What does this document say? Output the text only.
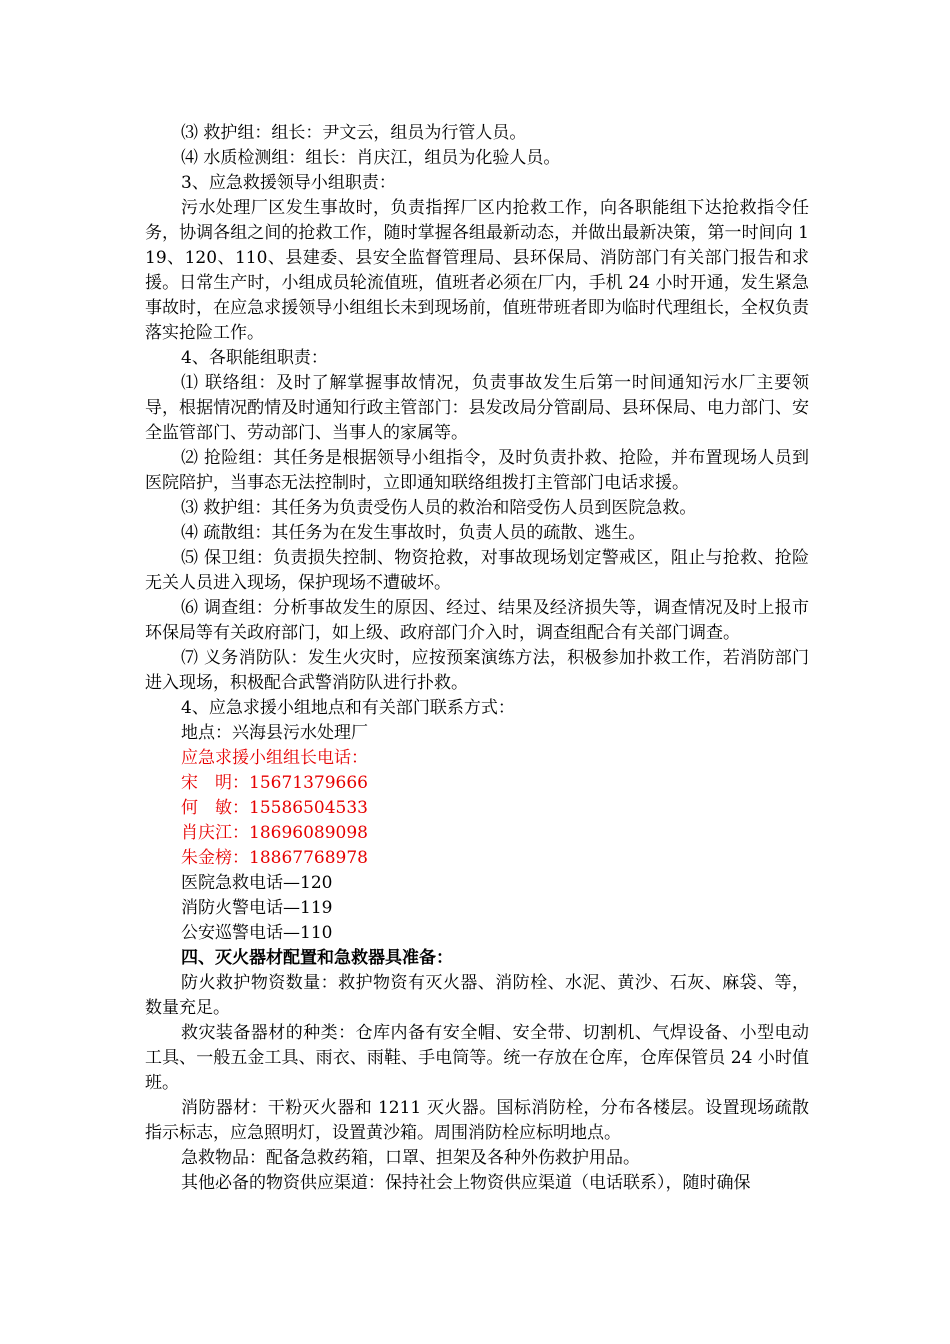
⑶ 救护组：组长：尹文云，组员为行管人员。

⑷ 水质检测组：组长：肖庆江，组员为化验人员。

3、应急救援领导小组职责：

污水处理厂区发生事故时，负责指挥厂区内抢救工作，向各职能组下达抢救指令任务，协调各组之间的抢救工作，随时掌握各组最新动态，并做出最新决策，第一时间向 119、120、110、县建委、县安全监督管理局、县环保局、消防部门有关部门报告和求援。日常生产时，小组成员轮流值班，值班者必须在厂内，手机 24 小时开通，发生紧急事故时，在应急求援领导小组组长未到现场前，值班带班者即为临时代理组长，全权负责落实抢险工作。

4、各职能组职责：

⑴ 联络组：及时了解掌握事故情况，负责事故发生后第一时间通知污水厂主要领导，根据情况酌情及时通知行政主管部门：县发改局分管副局、县环保局、电力部门、安全监管部门、劳动部门、当事人的家属等。

⑵ 抢险组：其任务是根据领导小组指令，及时负责扑救、抢险，并布置现场人员到医院陪护，当事态无法控制时，立即通知联络组拨打主管部门电话求援。

⑶ 救护组：其任务为负责受伤人员的救治和陪受伤人员到医院急救。

⑷ 疏散组：其任务为在发生事故时，负责人员的疏散、逃生。

⑸ 保卫组：负责损失控制、物资抢救，对事故现场划定警戒区，阻止与抢救、抢险无关人员进入现场，保护现场不遭破坏。

⑹ 调查组：分析事故发生的原因、经过、结果及经济损失等，调查情况及时上报市环保局等有关政府部门，如上级、政府部门介入时，调查组配合有关部门调查。

⑺ 义务消防队：发生火灾时，应按预案演练方法，积极参加扑救工作，若消防部门进入现场，积极配合武警消防队进行扑救。

4、应急求援小组地点和有关部门联系方式：

地点：兴海县污水处理厂

应急求援小组组长电话：

宋　明：15671379666

何　敏：15586504533

肖庆江：18696089098

朱金榜：18867768978

医院急救电话—120

消防火警电话—119

公安巡警电话—110

四、灭火器材配置和急救器具准备：

防火救护物资数量：救护物资有灭火器、消防栓、水泥、黄沙、石灰、麻袋、等，数量充足。

救灾装备器材的种类：仓库内备有安全帽、安全带、切割机、气焊设备、小型电动工具、一般五金工具、雨衣、雨鞋、手电筒等。统一存放在仓库，仓库保管员 24 小时值班。

消防器材：干粉灭火器和 1211 灭火器。国标消防栓，分布各楼层。设置现场疏散指示标志，应急照明灯，设置黄沙箱。周围消防栓应标明地点。

急救物品：配备急救药箱，口罩、担架及各种外伤救护用品。

其他必备的物资供应渠道：保持社会上物资供应渠道（电话联系），随时确保
